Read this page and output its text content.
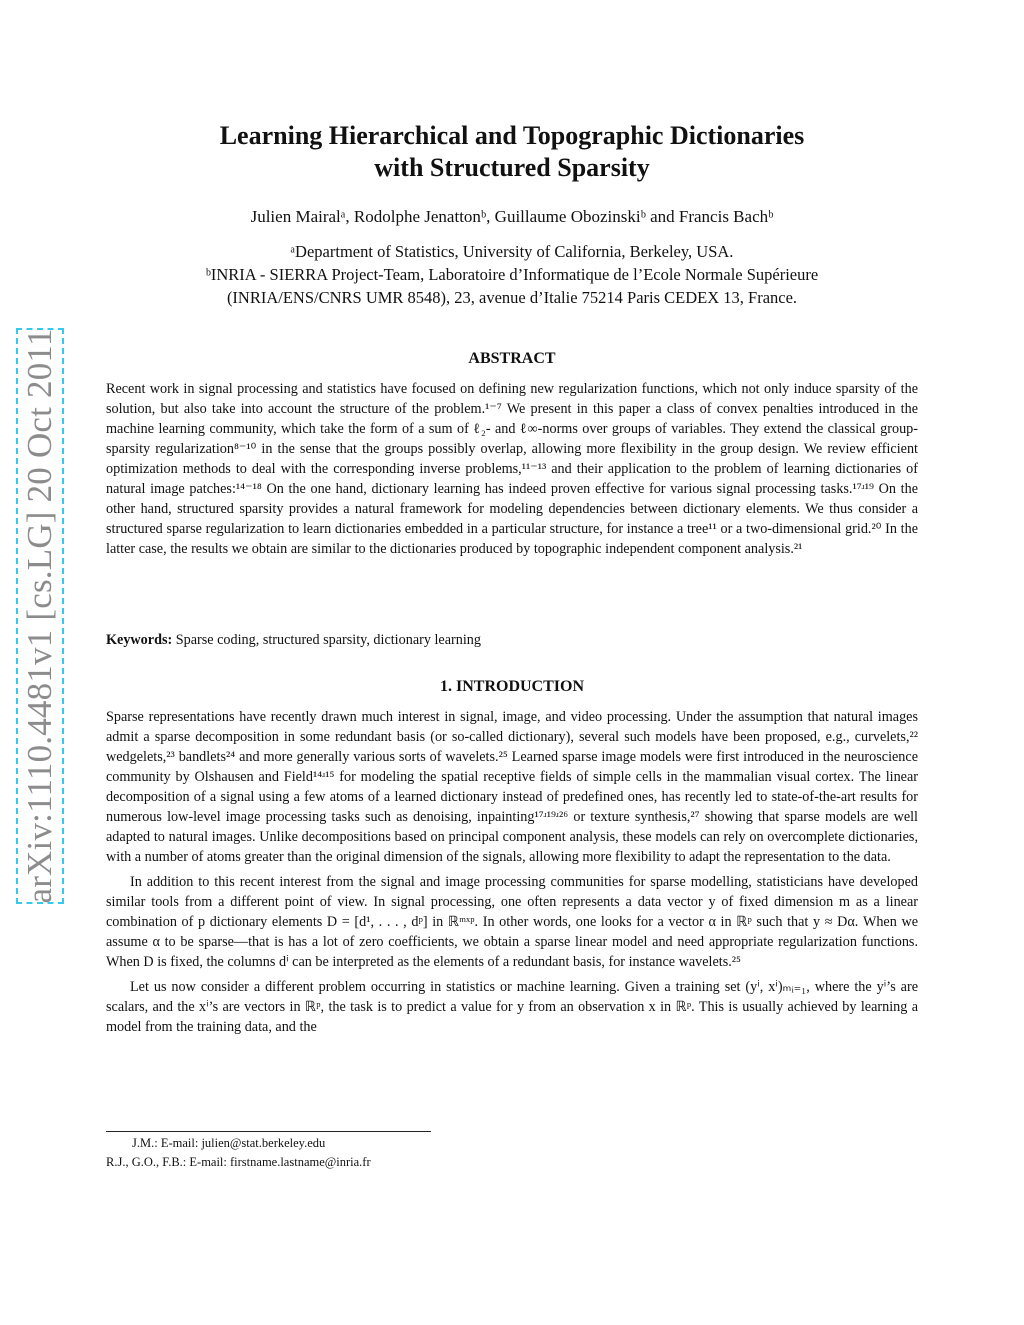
arXiv:1110.4481v1 [cs.LG] 20 Oct 2011
Learning Hierarchical and Topographic Dictionaries
with Structured Sparsity
Julien Mairalᵃ, Rodolphe Jenattonᵇ, Guillaume Obozinskiᵇ and Francis Bachᵇ
ᵃDepartment of Statistics, University of California, Berkeley, USA.
ᵇINRIA - SIERRA Project-Team, Laboratoire d’Informatique de l’Ecole Normale Supérieure
(INRIA/ENS/CNRS UMR 8548), 23, avenue d’Italie 75214 Paris CEDEX 13, France.
ABSTRACT
Recent work in signal processing and statistics have focused on defining new regularization functions, which not only induce sparsity of the solution, but also take into account the structure of the problem.¹⁻⁷ We present in this paper a class of convex penalties introduced in the machine learning community, which take the form of a sum of ℓ₂- and ℓ∞-norms over groups of variables. They extend the classical group-sparsity regularization⁸⁻¹⁰ in the sense that the groups possibly overlap, allowing more flexibility in the group design. We review efficient optimization methods to deal with the corresponding inverse problems,¹¹⁻¹³ and their application to the problem of learning dictionaries of natural image patches:¹⁴⁻¹⁸ On the one hand, dictionary learning has indeed proven effective for various signal processing tasks.¹⁷ʴ¹⁹ On the other hand, structured sparsity provides a natural framework for modeling dependencies between dictionary elements. We thus consider a structured sparse regularization to learn dictionaries embedded in a particular structure, for instance a tree¹¹ or a two-dimensional grid.²⁰ In the latter case, the results we obtain are similar to the dictionaries produced by topographic independent component analysis.²¹
Keywords: Sparse coding, structured sparsity, dictionary learning
1. INTRODUCTION

Sparse representations have recently drawn much interest in signal, image, and video processing. Under the assumption that natural images admit a sparse decomposition in some redundant basis (or so-called dictionary), several such models have been proposed, e.g., curvelets,²² wedgelets,²³ bandlets²⁴ and more generally various sorts of wavelets.²⁵ Learned sparse image models were first introduced in the neuroscience community by Olshausen and Field¹⁴ʴ¹⁵ for modeling the spatial receptive fields of simple cells in the mammalian visual cortex. The linear decomposition of a signal using a few atoms of a learned dictionary instead of predefined ones, has recently led to state-of-the-art results for numerous low-level image processing tasks such as denoising, inpainting¹⁷ʴ¹⁹ʴ²⁶ or texture synthesis,²⁷ showing that sparse models are well adapted to natural images. Unlike decompositions based on principal component analysis, these models can rely on overcomplete dictionaries, with a number of atoms greater than the original dimension of the signals, allowing more flexibility to adapt the representation to the data.

In addition to this recent interest from the signal and image processing communities for sparse modelling, statisticians have developed similar tools from a different point of view. In signal processing, one often represents a data vector y of fixed dimension m as a linear combination of p dictionary elements D = [d¹, . . . , dᵖ] in ℝᵐˣᵖ. In other words, one looks for a vector α in ℝᵖ such that y ≈ Dα. When we assume α to be sparse—that is has a lot of zero coefficients, we obtain a sparse linear model and need appropriate regularization functions. When D is fixed, the columns dⁱ can be interpreted as the elements of a redundant basis, for instance wavelets.²⁵

Let us now consider a different problem occurring in statistics or machine learning. Given a training set (yⁱ, xⁱ)ₘᵢ₌₁, where the yⁱ’s are scalars, and the xⁱ’s are vectors in ℝᵖ, the task is to predict a value for y from an observation x in ℝᵖ. This is usually achieved by learning a model from the training data, and the

J.M.: E-mail: julien@stat.berkeley.edu
R.J., G.O., F.B.: E-mail: firstname.lastname@inria.fr
